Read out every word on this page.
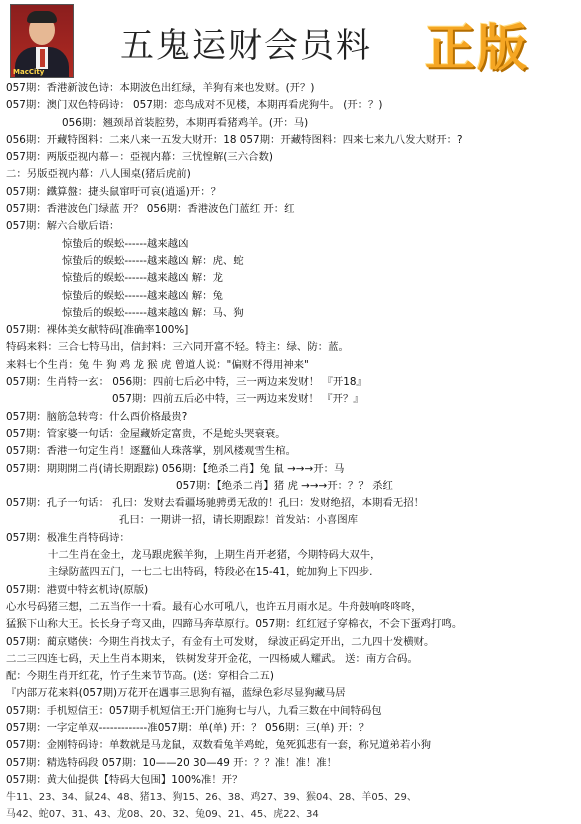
MacCity
五鬼运财会员料 正版
057期：香港新波色诗：本期波色出红绿，羊狗有来也发财。(开？)
057期：澳门双色特码诗： 057期：恋鸟成对不见楼，本期再看虎狗牛。 (开：？)
056期：翘颈昂首装腔势，本期再看猪鸡羊。(开：马)
056期：开藏特图料：二来八来一五发大财开：18 057期：开藏特图料：四来七来九八发大财开：?
057期：两版亞视内幕－：亞视内幕：三忧惶解(三六合数)
二：另版亞视内幕：八人围桌(猪后虎前)
057期：鐵算盤：捷头鼠窜吁可哀(逍遥)开：？
057期：香港波色门绿蓝 开？ 056期：香港波色门蓝红 开：红
057期：解六合歇后语：
惊蛰后的蜈蚣------越来越凶
惊蛰后的蜈蚣------越来越凶 解：虎、蛇
惊蛰后的蜈蚣------越来越凶 解：龙
惊蛰后的蜈蚣------越来越凶 解：兔
惊蛰后的蜈蚣------越来越凶 解：马、狗
057期：裸体美女献特码[准确率100%]
特码来料：三合七特马出，信封料：三六同开富不轻。特主：绿、防：蓝。
来料七个生肖：兔 牛 狗 鸡 龙 猴 虎 曾道人说："偏财不得用神来"
057期：生肖特一玄： 056期：四前七后必中特，三一两边来发财！ 『开18』
057期：四前五后必中特，三一两边来发财！ 『开？』
057期：脑筋急转弯：什么酉价格最贵?
057期：管家婆一句话：金屋藏娇定富贵，不是蛇头哭衰衰。
057期：香港一句定生肖！逐蠶仙人珠落掌，别风楼观雪生棺。
057期：期期開二肖(请长期跟踪) 056期：【绝杀二肖】兔 鼠 →→→开：马
057期：【绝杀二肖】猪 虎 →→→开：？？ 杀红
057期：孔子一句话： 孔曰：发财去看疆场驰骋勇无敌的！孔曰：发财绝招，本期看无招！
孔曰：一期讲一招，请长期跟踪！首发站：小喜图库
057期：极准生肖特码诗：
十二生肖在金土，龙马跟虎猴羊狗，上期生肖开老猪，今期特码大双牛，
主绿防蓝四五门，一七二七出特码，特段必在15-41，蛇加狗上下四步.
057期：港贾中特玄机诗(原版)
心水号码猪三想，二五当作一十看。最有心水可吼八，也许五月雨水足。牛舟鼓响咚咚咚，
猛猴下山称大王。长长身子弯又曲，四蹄马奔草原行。057期：红红冠子穿棉衣，不会下蛋鸡打鸣。
057期：蔺京赌侠：今期生肖找太子，有金有土可发财， 绿波正码定开出，二九四十发横财。
二二三四连七码，天上生肖本期来， 铁树发芽开金花，一四杨威人耀武。 送：南方合码。
配：今期生肖开红花，竹子生来节节高。(送：穿相合二五)
『内部万花来料(057期)万花开在遇事三思狗有福，蓝绿色彩尽显狗藏马居
057期：手机短信王：057期手机短信王:开门施狗七与八，九看三数在中间特码包
057期：一字定单双-------------准057期：单(单) 开：？ 056期：三(单) 开：？
057期：金刚特码诗：单数就是马龙鼠，双数看兔羊鸡蛇，兔死狐悲有一套，称兄道弟若小狗
057期：精选特码段 057期：10——20 30—49 开：？？准！准！准！
057期：黄大仙提供【特码大包围】100%准！开？
牛11、23、34、鼠24、48、猪13、狗15、26、38、鸡27、39、猴04、28、羊05、29、
马42、蛇07、31、43、龙08、20、32、兔09、21、45、虎22、34
